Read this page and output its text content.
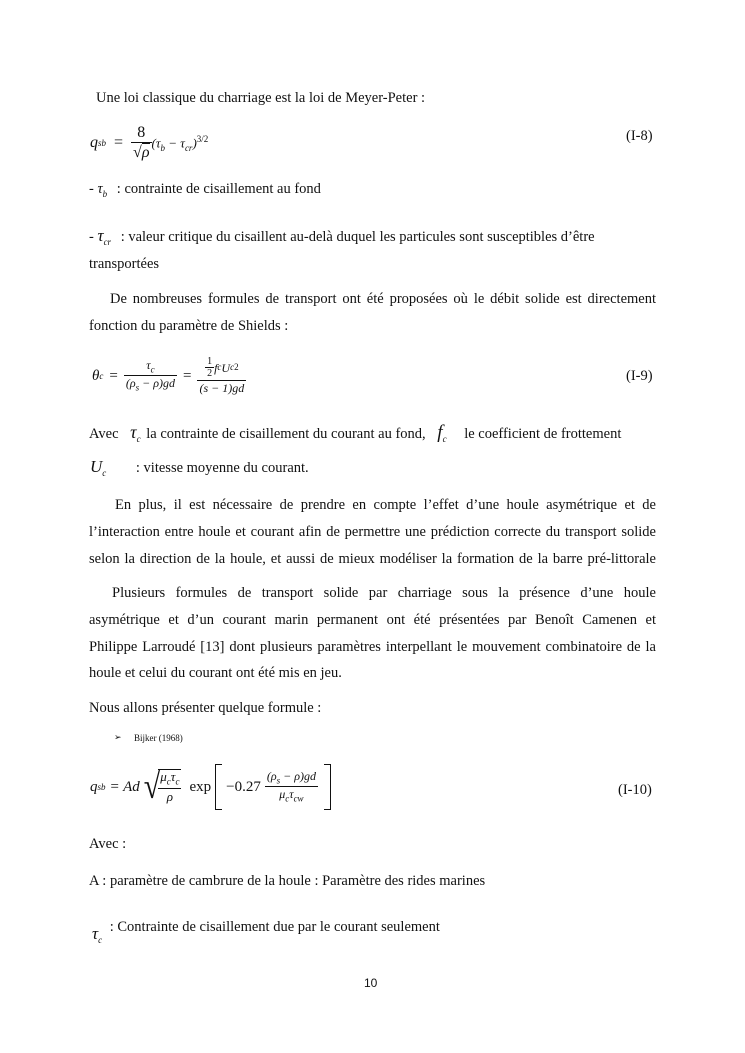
Une loi classique du charriage est la loi de Meyer-Peter :
q sb = $\frac{8}{√\rho} (\tau_b - \tau_{cr})^{3/2}$	(I-8)
- $\tau_b$ : contrainte de cisaillement au fond
- $\tau_{cr}$ : valeur critique du cisaillent au-delà duquel les particules sont susceptibles d’être
transportées
De nombreuses formules de transport ont été proposées où le débit solide est directement
fonction du paramètre de Shields :
θ $c = \frac{\tau_c}{(\rho_s - \rho)gd} = \frac{\frac{1}{2} f c U c 2}{(s - 1)gd}$	(I-9)
Avec $\tau_c$ la contrainte de cisaillement du courant au fond, $f_c$ le coefficient de frottement
$U_c$ : vitesse moyenne du courant.
En plus, il est nécessaire de prendre en compte l’effet d’une houle asymétrique et de
l’interaction entre houle et courant afin de permettre une prédiction correcte du transport solide
selon la direction de la houle, et aussi de mieux modéliser la formation de la barre pré-littorale
Plusieurs formules de transport solide par charriage sous la présence d’une houle
asymétrique et d’un courant marin permanent ont été présentées par Benoît Camenen et
Philippe Larroudé [13] dont plusieurs paramètres interpellant le mouvement combinatoire de la
houle et celui du courant ont été mis en jeu.
Nous allons présenter quelque formule :
➢ Bijker (1968)
q sb = Ad √
$\frac{\mu_c\tau_c}{\rho}$ $\exp -0.27 \frac{(\rho_s - \rho)gd}{\mu_c\tau_{cw}}$	(I-10)
Avec :
A : paramètre de cambrure de la houle : Paramètre des rides marines
$\tau_c$ : Contrainte de cisaillement due par le courant seulement
10
